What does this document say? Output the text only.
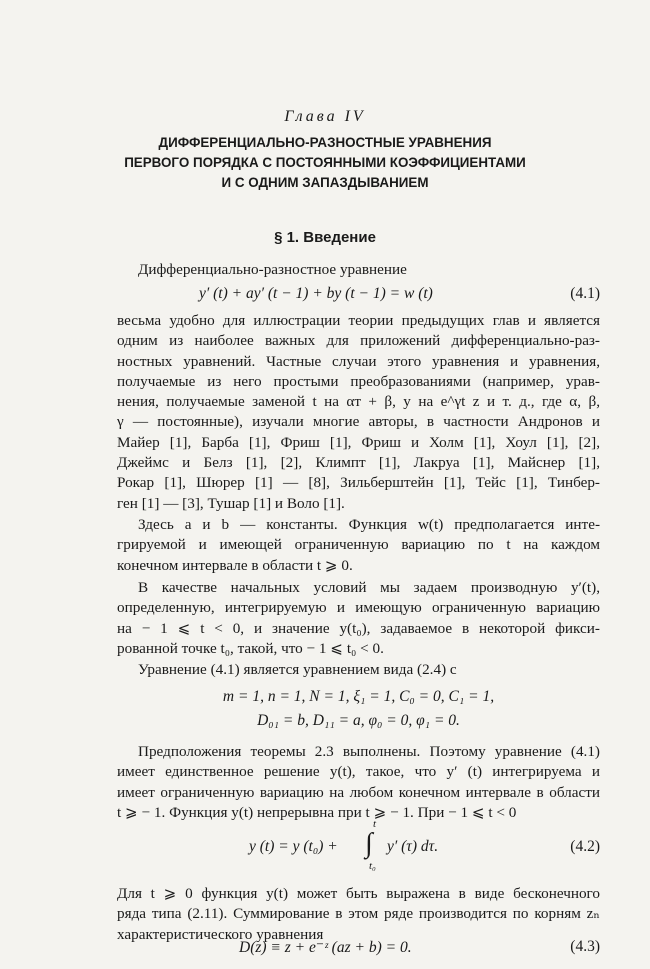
Глава IV
ДИФФЕРЕНЦИАЛЬНО-РАЗНОСТНЫЕ УРАВНЕНИЯ
ПЕРВОГО ПОРЯДКА С ПОСТОЯННЫМИ КОЭФФИЦИЕНТАМИ
И С ОДНИМ ЗАПАЗДЫВАНИЕМ
§ 1. Введение
Дифференциально-разностное уравнение
y′ (t) + ay′ (t − 1) + by (t − 1) = w (t)	(4.1)
весьма удобно для иллюстрации теории предыдущих глав и является
одним из наиболее важных для приложений дифференциально-раз-
ностных уравнений. Частные случаи этого уравнения и уравнения,
получаемые из него простыми преобразованиями (например, урав-
нения, получаемые заменой t на αт + β, y на e^γt z и т. д., где α, β,
γ — постоянные), изучали многие авторы, в частности Андронов и
Майер [1], Барба [1], Фриш [1], Фриш и Холм [1], Хоул [1], [2],
Джеймс и Белз [1], [2], Климпт [1], Лакруа [1], Майснер [1],
Рокар [1], Шюрер [1] — [8], Зильберштейн [1], Тейс [1], Тинбер-
ген [1] — [3], Тушар [1] и Воло [1].
Здесь a и b — константы. Функция w(t) предполагается инте-
грируемой и имеющей ограниченную вариацию по t на каждом
конечном интервале в области t ⩾ 0.
В качестве начальных условий мы задаем производную y′(t),
определенную, интегрируемую и имеющую ограниченную вариацию
на − 1 ⩽ t < 0, и значение y(t₀), задаваемое в некоторой фикси-
рованной точке t₀, такой, что − 1 ⩽ t₀ < 0.
Уравнение (4.1) является уравнением вида (2.4) с
m = 1, n = 1, N = 1, ξ₁ = 1, C₀ = 0, C₁ = 1,
D₀₁ = b, D₁₁ = a, φ₀ = 0, φ₁ = 0.
Предположения теоремы 2.3 выполнены. Поэтому уравнение (4.1)
имеет единственное решение y(t), такое, что y′ (t) интегрируема и
имеет ограниченную вариацию на любом конечном интервале в области
t ⩾ − 1. Функция y(t) непрерывна при t ⩾ − 1. При − 1 ⩽ t < 0
y (t) = y (t₀) +
t
∫
t₀
y′ (τ) dτ.	(4.2)
Для t ⩾ 0 функция y(t) может быть выражена в виде бесконечного
ряда типа (2.11). Суммирование в этом ряде производится по корням zₙ
характеристического уравнения
D(z) ≡ z + e⁻ᶻ (az + b) = 0.	(4.3)
